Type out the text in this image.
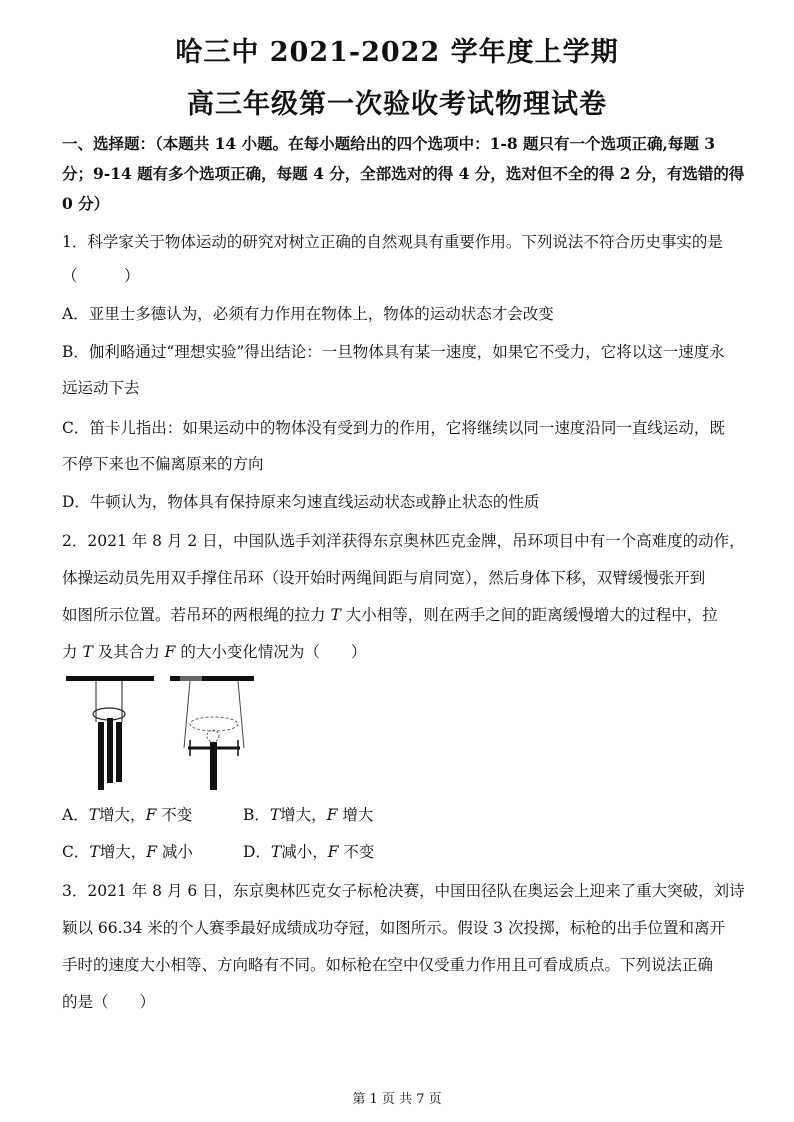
哈三中 2021-2022 学年度上学期
高三年级第一次验收考试物理试卷
一、选择题：（本题共 14 小题。在每小题给出的四个选项中：1-8 题只有一个选项正确,每题 3
分；9-14 题有多个选项正确，每题 4 分，全部选对的得 4 分，选对但不全的得 2 分，有选错的得
0 分）
1．科学家关于物体运动的研究对树立正确的自然观具有重要作用。下列说法不符合历史事实的是
（　　　）
A．亚里士多德认为，必须有力作用在物体上，物体的运动状态才会改变
B．伽利略通过“理想实验”得出结论：一旦物体具有某一速度，如果它不受力，它将以这一速度永
远运动下去
C．笛卡儿指出：如果运动中的物体没有受到力的作用，它将继续以同一速度沿同一直线运动，既
不停下来也不偏离原来的方向
D．牛顿认为，物体具有保持原来匀速直线运动状态或静止状态的性质
2．2021 年 8 月 2 日，中国队选手刘洋获得东京奥林匹克金牌，吊环项目中有一个高难度的动作，
体操运动员先用双手撑住吊环（设开始时两绳间距与肩同宽），然后身体下移，双臂缓慢张开到
如图所示位置。若吊环的两根绳的拉力 T 大小相等，则在两手之间的距离缓慢增大的过程中，拉
力 T 及其合力 F 的大小变化情况为（　　）
A．T增大，F 不变	B．T增大，F 增大
C．T增大，F 减小	D．T减小，F 不变
3．2021 年 8 月 6 日，东京奥林匹克女子标枪决赛，中国田径队在奥运会上迎来了重大突破，刘诗
颖以 66.34 米的个人赛季最好成绩成功夺冠，如图所示。假设 3 次投掷，标枪的出手位置和离开
手时的速度大小相等、方向略有不同。如标枪在空中仅受重力作用且可看成质点。下列说法正确
的是（　　）
第 1 页 共 7 页
